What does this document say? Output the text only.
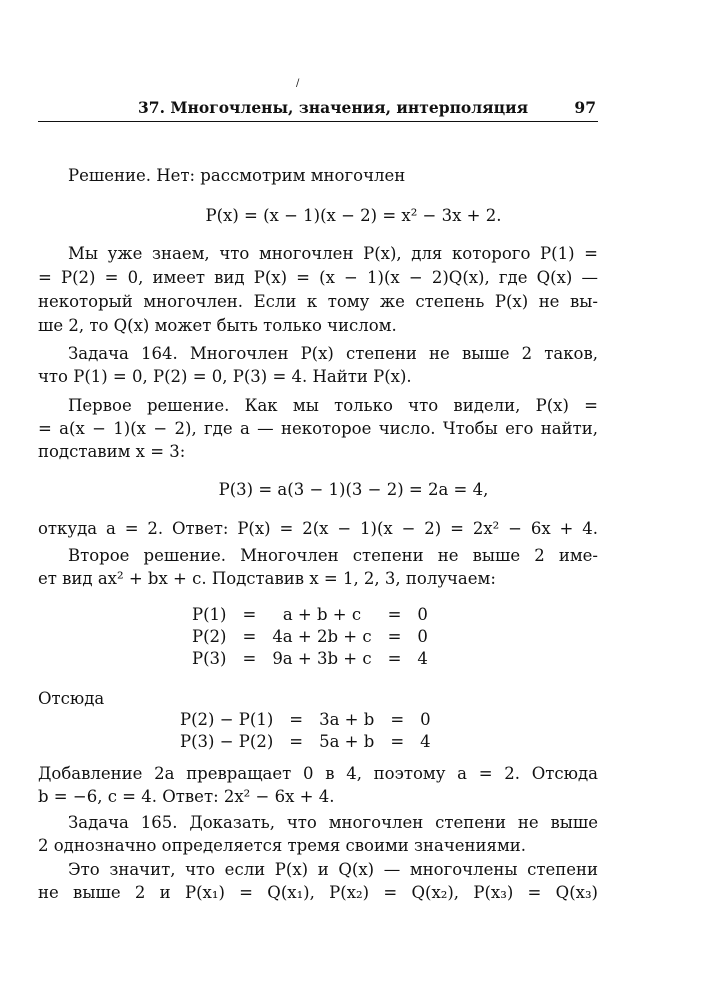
/
37. Многочлены, значения, интерполяция	97
Решение. Нет: рассмотрим многочлен
P(x) = (x − 1)(x − 2) = x² − 3x + 2.
Мы уже знаем, что многочлен P(x), для которого P(1) =
= P(2) = 0, имеет вид P(x) = (x − 1)(x − 2)Q(x), где Q(x) —
некоторый многочлен. Если к тому же степень P(x) не вы-
ше 2, то Q(x) может быть только числом.
Задача 164. Многочлен P(x) степени не выше 2 таков,
что P(1) = 0, P(2) = 0, P(3) = 4. Найти P(x).
Первое решение. Как мы только что видели, P(x) =
= a(x − 1)(x − 2), где a — некоторое число. Чтобы его найти,
подставим x = 3:
P(3) = a(3 − 1)(3 − 2) = 2a = 4,
откуда a = 2. Ответ: P(x) = 2(x − 1)(x − 2) = 2x² − 6x + 4.
Второе решение. Многочлен степени не выше 2 име-
ет вид ax² + bx + c. Подставив x = 1, 2, 3, получаем:
P(1)	=	a + b + c	=	0
P(2)	=	4a + 2b + c	=	0
P(3)	=	9a + 3b + c	=	4
Отсюда
P(2) − P(1)	=	3a + b	=	0
P(3) − P(2)	=	5a + b	=	4
Добавление 2a превращает 0 в 4, поэтому a = 2. Отсюда
b = −6, c = 4. Ответ: 2x² − 6x + 4.
Задача 165. Доказать, что многочлен степени не выше
2 однозначно определяется тремя своими значениями.
Это значит, что если P(x) и Q(x) — многочлены степени
не выше 2 и P(x₁) = Q(x₁), P(x₂) = Q(x₂), P(x₃) = Q(x₃)
